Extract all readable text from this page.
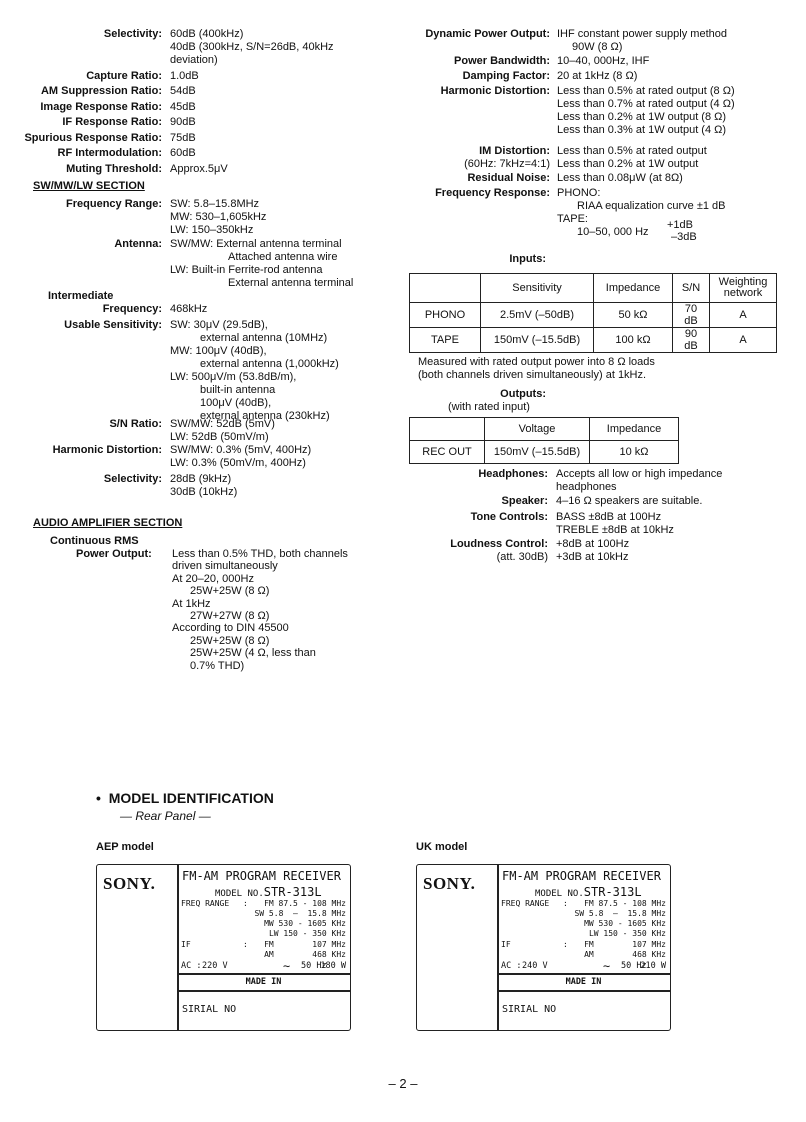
Selectivity: 60dB (400kHz)
40dB (300kHz, S/N=26dB, 40kHz
deviation)
Capture Ratio: 1.0dB
AM Suppression Ratio: 54dB
Image Response Ratio: 45dB
IF Response Ratio: 90dB
Spurious Response Ratio: 75dB
RF Intermodulation: 60dB
Muting Threshold: Approx.5μV
SW/MW/LW SECTION
Frequency Range: SW: 5.8–15.8MHz
MW: 530–1,605kHz
LW: 150–350kHz
Antenna: SW/MW: External antenna terminal
Attached antenna wire
LW: Built-in Ferrite-rod antenna
External antenna terminal
Intermediate
Frequency: 468kHz
Usable Sensitivity: SW: 30μV (29.5dB),
external antenna (10MHz)
MW: 100μV (40dB),
external antenna (1,000kHz)
LW: 500μV/m (53.8dB/m),
built-in antenna
100μV (40dB),
external antenna (230kHz)
S/N Ratio: SW/MW: 52dB (5mV)
LW: 52dB (50mV/m)
Harmonic Distortion: SW/MW: 0.3% (5mV, 400Hz)
LW: 0.3% (50mV/m, 400Hz)
Selectivity: 28dB (9kHz)
30dB (10kHz)
AUDIO AMPLIFIER SECTION
Continuous RMS
Power Output: Less than 0.5% THD, both channels
driven simultaneously
At 20–20, 000Hz
25W+25W (8 Ω)
At 1kHz
27W+27W (8 Ω)
According to DIN 45500
25W+25W (8 Ω)
25W+25W (4 Ω, less than
0.7% THD)
Dynamic Power Output: IHF constant power supply method
90W (8 Ω)
Power Bandwidth: 10–40, 000Hz, IHF
Damping Factor: 20 at 1kHz (8 Ω)
Harmonic Distortion: Less than 0.5% at rated output (8 Ω)
Less than 0.7% at rated output (4 Ω)
Less than 0.2% at 1W output (8 Ω)
Less than 0.3% at 1W output (4 Ω)
IM Distortion:
(60Hz: 7kHz=4:1)
Less than 0.5% at rated output
Less than 0.2% at 1W output
Residual Noise: Less than 0.08μW (at 8Ω)
Frequency Response: PHONO:
RIAA equalization curve ±1 dB
TAPE:
10–50, 000 Hz
+1dB
–3dB
Inputs:
	Sensitivity	Impedance	S/N	Weighting network
PHONO	2.5mV (–50dB)	50 kΩ	70 dB	A
TAPE	150mV (–15.5dB)	100 kΩ	90 dB	A
Measured with rated output power into 8 Ω loads
(both channels driven simultaneously) at 1kHz.
Outputs:
(with rated input)
	Voltage	Impedance
REC OUT	150mV (–15.5dB)	10 kΩ
Headphones: Accepts all low or high impedance
headphones
Speaker: 4–16 Ω speakers are suitable.
Tone Controls: BASS ±8dB at 100Hz
TREBLE ±8dB at 10kHz
Loudness Control:
(att. 30dB)
+8dB at 100Hz
+3dB at 10kHz
• MODEL IDENTIFICATION
— Rear Panel —
AEP model
SONY. FM-AM PROGRAM RECEIVER
MODEL NO.STR-313L
FREQ RANGE : FM 87.5 - 108 MHz
SW 5.8  –  15.8 MHz
MW 530 - 1605 KHz
LW 150 - 350 KHz
IF	: FM        107 MHz
AM        468 KHz
AC : 220 V	∼ 50 Hz
180 W
MADE IN
SIRIAL NO
UK model
SONY. FM-AM PROGRAM RECEIVER
MODEL NO.STR-313L
FREQ RANGE : FM 87.5 - 108 MHz
SW 5.8  –  15.8 MHz
MW 530 - 1605 KHz
LW 150 - 350 KHz
IF	: FM        107 MHz
AM        468 KHz
AC : 240 V	∼ 50 Hz
210 W
MADE IN
SIRIAL NO
– 2 –
